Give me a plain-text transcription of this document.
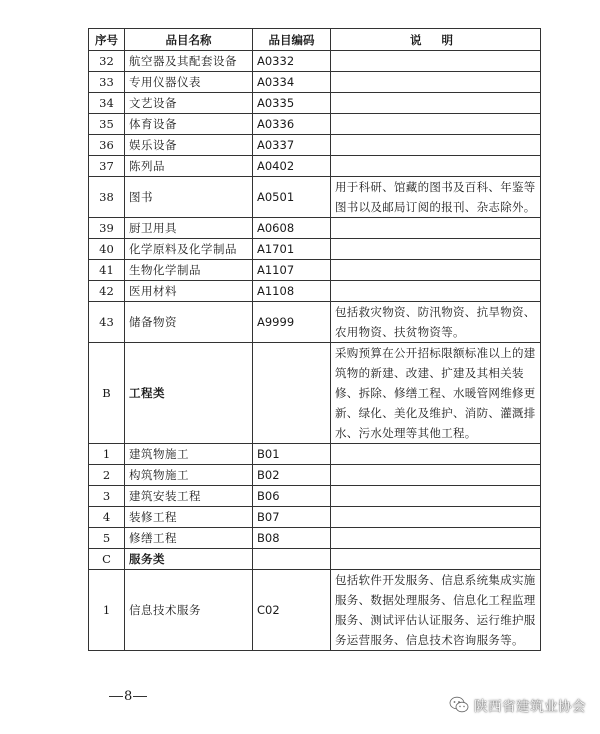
序号	品目名称	品目编码	说 明
32	航空器及其配套设备	A0332	
33	专用仪器仪表	A0334	
34	文艺设备	A0335	
35	体育设备	A0336	
36	娱乐设备	A0337	
37	陈列品	A0402	
38	图书	A0501	用于科研、馆藏的图书及百科、年鉴等图书以及邮局订阅的报刊、杂志除外。
39	厨卫用具	A0608	
40	化学原料及化学制品	A1701	
41	生物化学制品	A1107	
42	医用材料	A1108	
43	储备物资	A9999	包括救灾物资、防汛物资、抗旱物资、农用物资、扶贫物资等。
B	工程类		采购预算在公开招标限额标准以上的建筑物的新建、改建、扩建及其相关装修、拆除、修缮工程、水暖管网维修更新、绿化、美化及维护、消防、灌溉排水、污水处理等其他工程。
1	建筑物施工	B01	
2	构筑物施工	B02	
3	建筑安装工程	B06	
4	装修工程	B07	
5	修缮工程	B08	
C	服务类		
1	信息技术服务	C02	包括软件开发服务、信息系统集成实施服务、数据处理服务、信息化工程监理服务、测试评估认证服务、运行维护服务运营服务、信息技术咨询服务等。
8
陕西省建筑业协会
